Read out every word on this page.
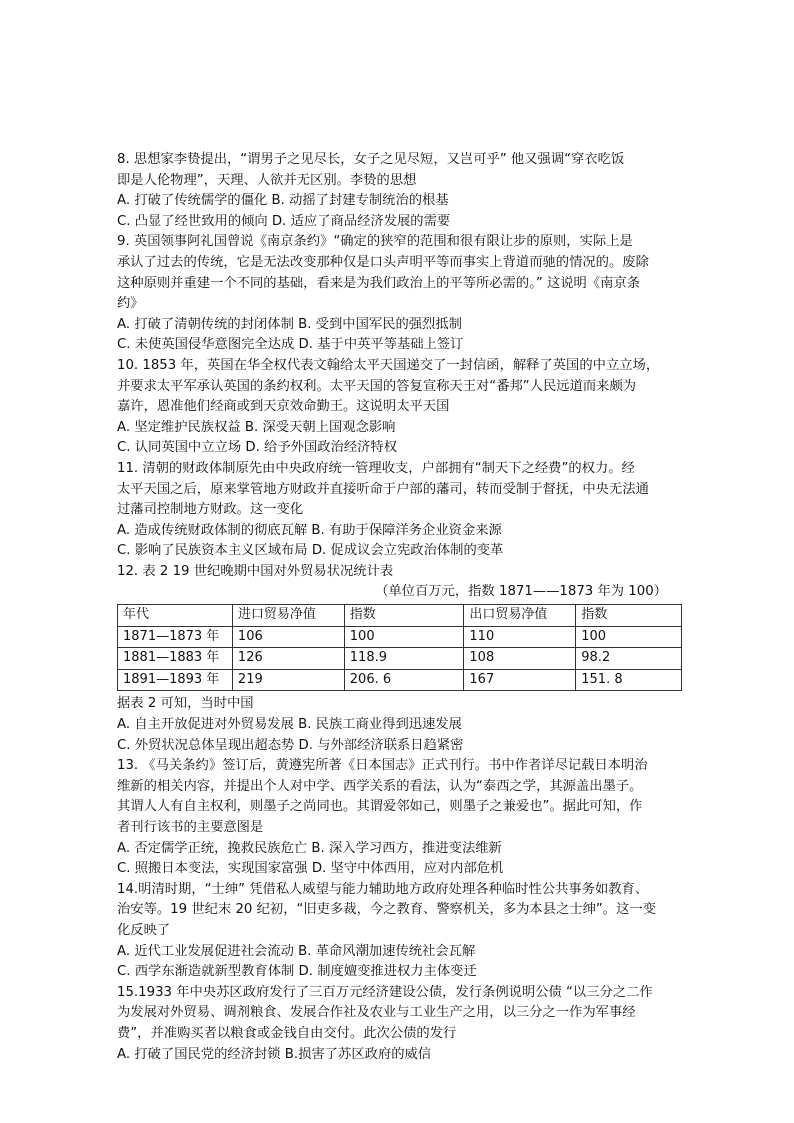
8. 思想家李贽提出，“谓男子之见尽长，女子之见尽短，又岂可乎” 他又强调“穿衣吃饭
即是人伦物理”，天理、人欲并无区别。李贽的思想
A. 打破了传统儒学的僵化 B. 动摇了封建专制统治的根基
C. 凸显了经世致用的倾向 D. 适应了商品经济发展的需要
9. 英国领事阿礼国曾说《南京条约》“确定的狭窄的范围和很有限让步的原则，实际上是
承认了过去的传统，它是无法改变那种仅是口头声明平等而事实上背道而驰的情况的。废除
这种原则并重建一个不同的基础，看来是为我们政治上的平等所必需的。” 这说明《南京条
约》
A. 打破了清朝传统的封闭体制 B. 受到中国军民的强烈抵制
C. 未使英国侵华意图完全达成 D. 基于中英平等基础上签订
10. 1853 年，英国在华全权代表文翰给太平天国递交了一封信函，解释了英国的中立立场，
并要求太平军承认英国的条约权利。太平天国的答复宣称天王对“番邦”人民远道而来颇为
嘉许，恩准他们经商或到天京效命勤王。这说明太平天国
A. 坚定维护民族权益 B. 深受天朝上国观念影响
C. 认同英国中立立场 D. 给予外国政治经济特权
11. 清朝的财政体制原先由中央政府统一管理收支，户部拥有“制天下之经费”的权力。经
太平天国之后，原来掌管地方财政并直接听命于户部的藩司，转而受制于督抚，中央无法通
过藩司控制地方财政。这一变化
A. 造成传统财政体制的彻底瓦解 B. 有助于保障洋务企业资金来源
C. 影响了民族资本主义区域布局 D. 促成议会立宪政治体制的变革
12. 表 2 19 世纪晚期中国对外贸易状况统计表
（单位百万元，指数 1871——1873 年为 100）
年代	进口贸易净值	指数	出口贸易净值	指数
1871—1873 年	106	100	110	100
1881—1883 年	126	118.9	108	98.2
1891—1893 年	219	206. 6	167	151. 8
据表 2 可知，当时中国
A. 自主开放促进对外贸易发展 B. 民族工商业得到迅速发展
C. 外贸状况总体呈现出超态势 D. 与外部经济联系日趋紧密
13. 《马关条约》签订后，黄遵宪所著《日本国志》正式刊行。书中作者详尽记载日本明治
维新的相关内容，并提出个人对中学、西学关系的看法，认为“泰西之学，其源盖出墨子。
其谓人人有自主权利，则墨子之尚同也。其谓爱邻如己，则墨子之兼爱也”。据此可知，作
者刊行该书的主要意图是
A. 否定儒学正统，挽救民族危亡 B. 深入学习西方，推进变法维新
C. 照搬日本变法，实现国家富强 D. 坚守中体西用，应对内部危机
14.明清时期，“士绅” 凭借私人威望与能力辅助地方政府处理各种临时性公共事务如教育、
治安等。19 世纪末 20 纪初，“旧吏多裁，今之教育、警察机关，多为本县之士绅”。这一变
化反映了
A. 近代工业发展促进社会流动 B. 革命风潮加速传统社会瓦解
C. 西学东渐造就新型教育体制 D. 制度嬗变推进权力主体变迁
15.1933 年中央苏区政府发行了三百万元经济建设公债，发行条例说明公债 “以三分之二作
为发展对外贸易、调剂粮食、发展合作社及农业与工业生产之用，以三分之一作为军事经
费”，并准购买者以粮食或金钱自由交付。此次公债的发行
A. 打破了国民党的经济封锁 B.损害了苏区政府的威信
